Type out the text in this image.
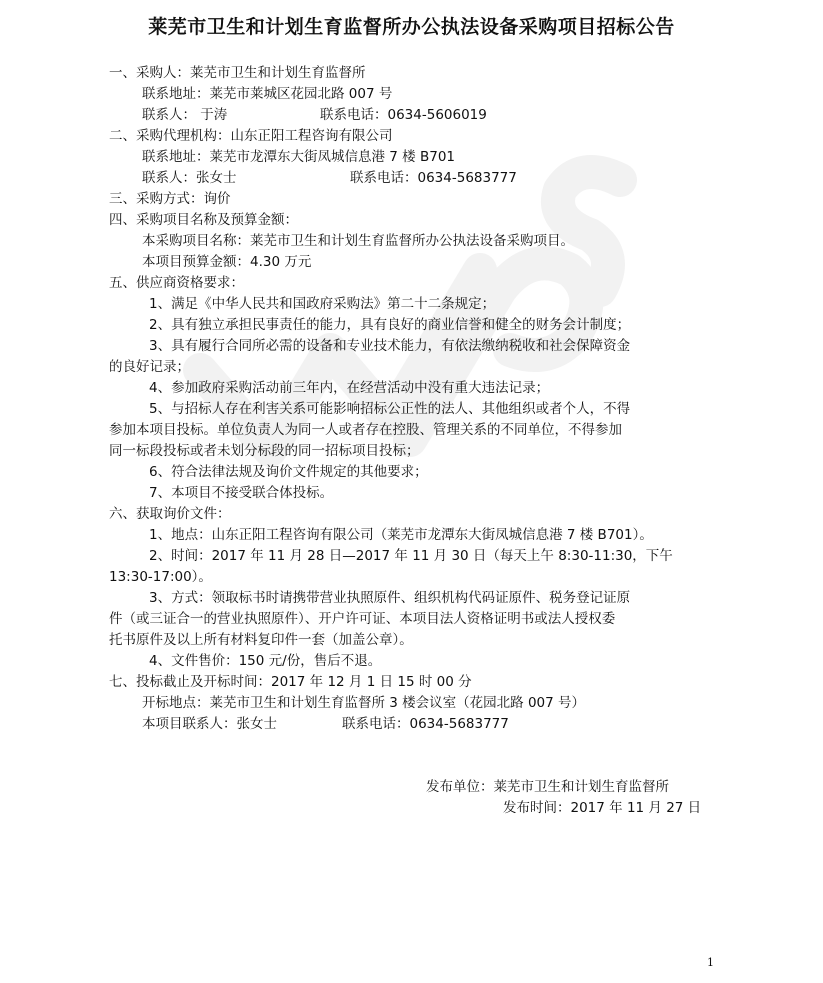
莱芜市卫生和计划生育监督所办公执法设备采购项目招标公告
一、采购人：莱芜市卫生和计划生育监督所
联系地址：莱芜市莱城区花园北路 007 号
联系人： 于涛	联系电话：0634-5606019
二、采购代理机构：山东正阳工程咨询有限公司
联系地址：莱芜市龙潭东大街凤城信息港 7 楼 B701
联系人：张女士	联系电话：0634-5683777
三、采购方式：询价
四、采购项目名称及预算金额：
本采购项目名称：莱芜市卫生和计划生育监督所办公执法设备采购项目。
本项目预算金额：4.30 万元
五、供应商资格要求：
1、满足《中华人民共和国政府采购法》第二十二条规定；
2、具有独立承担民事责任的能力，具有良好的商业信誉和健全的财务会计制度；
3、具有履行合同所必需的设备和专业技术能力，有依法缴纳税收和社会保障资金
的良好记录；
4、参加政府采购活动前三年内，在经营活动中没有重大违法记录；
5、与招标人存在利害关系可能影响招标公正性的法人、其他组织或者个人，不得
参加本项目投标。单位负责人为同一人或者存在控股、管理关系的不同单位，不得参加
同一标段投标或者未划分标段的同一招标项目投标；
6、符合法律法规及询价文件规定的其他要求；
7、本项目不接受联合体投标。
六、获取询价文件：
1、地点：山东正阳工程咨询有限公司（莱芜市龙潭东大街凤城信息港 7 楼 B701）。
2、时间：2017 年 11 月 28 日—2017 年 11 月 30 日（每天上午 8:30-11:30，下午
13:30-17:00）。
3、方式：领取标书时请携带营业执照原件、组织机构代码证原件、税务登记证原
件（或三证合一的营业执照原件）、开户许可证、本项目法人资格证明书或法人授权委
托书原件及以上所有材料复印件一套（加盖公章）。
4、文件售价：150 元/份，售后不退。
七、投标截止及开标时间：2017 年 12 月 1 日 15 时 00 分
开标地点：莱芜市卫生和计划生育监督所 3 楼会议室（花园北路 007 号）
本项目联系人：张女士	联系电话：0634-5683777
发布单位：莱芜市卫生和计划生育监督所
发布时间：2017 年 11 月 27 日
1
